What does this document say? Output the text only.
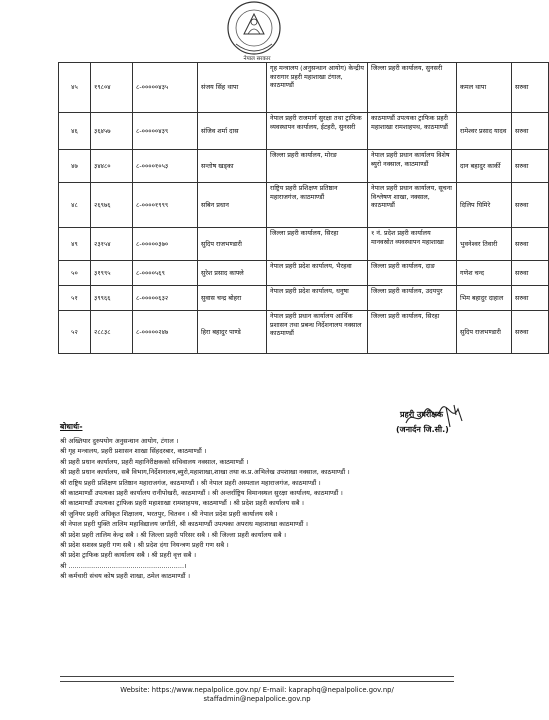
नेपाल सरकार
४५	१९८०४	८-०००००४३५	संजय सिंह थापा	गृह मन्त्रालय (अनुसन्धान आयोग) केन्द्रीय कारागार प्रहरी महाशाखा टंगाल, काठमाण्डौं	जिल्ला प्रहरी कार्यालय, सुनसरी	कमल थापा	सरुवा
४६	३६४५७	८-०००००४३९	संजिव शर्मा दास	नेपाल प्रहरी राजमार्ग सुरक्षा तथा ट्राफिक व्यवस्थापन कार्यालय, ईटहरी, सुनसरी	काठमाण्डौं उपत्यका ट्राफिक प्रहरी महाशाखा रामशाहपथ, काठमाण्डौं	रामेश्वर प्रसाद यादव	सरुवा
४७	३४४८०	८-००००१०५३	सन्तोष खड्का	जिल्ला प्रहरी कार्यालय, मोरङ	नेपाल प्रहरी प्रधान कार्यालय विशेष ब्युरो नक्साल, काठमाण्डौं	दान बहादुर कार्की	सरुवा
४८	२६९७६	८-००००१९९९	सबिन प्रधान	राष्ट्रिय प्रहरी प्रशिक्षण प्रतिष्ठान महाराजगंज, काठमाण्डौं	नेपाल प्रहरी प्रधान कार्यालय, सूचना विश्लेषण शाखा, नक्साल, काठमाण्डौं	दिलिप घिमिरे	सरुवा
४९	२३१५४	८-०००००३७०	सुदिप राजभण्डारी	जिल्ला प्रहरी कार्यालय, सिरहा	१ नं. प्रदेश प्रहरी कार्यालय मानवस्रोत व्यवस्थापन महाशाखा	भुवनेश्वर तिवारी	सरुवा
५०	३१९९५	८-००००५६९	सुरेश प्रसाद काफ्ले	नेपाल प्रहरी प्रदेश कार्यालय, भैरहवा	जिल्ला प्रहरी कार्यालय, दाङ	गणेश चन्द	सरुवा
५१	३९९६६	८-०००००६३२	सुवास चन्द्र बोहरा	नेपाल प्रहरी प्रदेश कार्यालय, धनुषा	जिल्ला प्रहरी कार्यालय, उदयपुर	भिम बहादुर दाहाल	सरुवा
५२	२८८३८	८-०००००२४७	हिरा बहादुर पाण्डे	नेपाल प्रहरी प्रधान कार्यालय आर्थिक प्रशासन तथा प्रबन्ध निर्देशनालय नक्साल काठमाण्डौं	जिल्ला प्रहरी कार्यालय, सिरहा	सुदिप राजभण्डारी	सरुवा
प्रहरी उपरीक्षक
(जनार्दन जि.सी.)
बोधार्थः-
श्री अख्तियार दुरुपयोग अनुसन्धान आयोग, टंगाल ।
श्री गृह मन्त्रालय, प्रहरी प्रशासन शाखा सिंहदरबार, काठमाण्डौं ।
श्री प्रहरी प्रधान कार्यालय, प्रहरी महानिरीक्षकको सचिवालय नक्साल, काठमाण्डौं ।
श्री प्रहरी प्रधान कार्यालय, सबै विभाग,निर्देशनालय,ब्युरो,महाशाखा,शाखा तथा क.प्र.अभिलेख उपशाखा नक्साल, काठमाण्डौं ।
श्री राष्ट्रिय प्रहरी प्रशिक्षण प्रतिष्ठान महाराजगंज, काठमाण्डौं । श्री नेपाल प्रहरी अस्पताल महाराजगंज, काठमाण्डौं ।
श्री काठमाण्डौं उपत्यका प्रहरी कार्यालय रानीपोखरी, काठमाण्डौं । श्री अन्तर्राष्ट्रिय विमानस्थल सुरक्षा कार्यालय, काठमाण्डौं ।
श्री काठमाण्डौं उपत्यका ट्राफिक प्रहरी महाशाखा रामशाहपथ, काठमाण्डौं । श्री प्रदेश प्रहरी कार्यालय सबै ।
श्री जुनियर प्रहरी अधिकृत शिक्षालय, भरतपुर, चितवन । श्री नेपाल प्रदेश प्रहरी कार्यालय सबै ।
श्री नेपाल प्रहरी युक्ति तालिम महाविद्यालय जगाँती, श्री काठमाण्डौं उपत्यका अपराध महाशाखा काठमाण्डौं ।
श्री प्रदेश प्रहरी तालिम केन्द्र सबै । श्री जिल्ला प्रहरी परिसर सबै । श्री जिल्ला प्रहरी कार्यालय सबै ।
श्री प्रदेश सशस्त्र प्रहरी गण सबै । श्री प्रदेश दंगा नियन्त्रण प्रहरी गण सबै ।
श्री प्रदेश ट्राफिक प्रहरी कार्यालय सबै । श्री प्रहरी वृत्त सबै ।
श्री ........................................................।
श्री कर्मचारी संचय कोष प्रहरी शाखा, ठमेल काठमाण्डौं ।
Website: https://www.nepalpolice.gov.np/ E-mail: kapraphq@nepalpolice.gov.np/
staffadmin@nepalpolice.gov.np
